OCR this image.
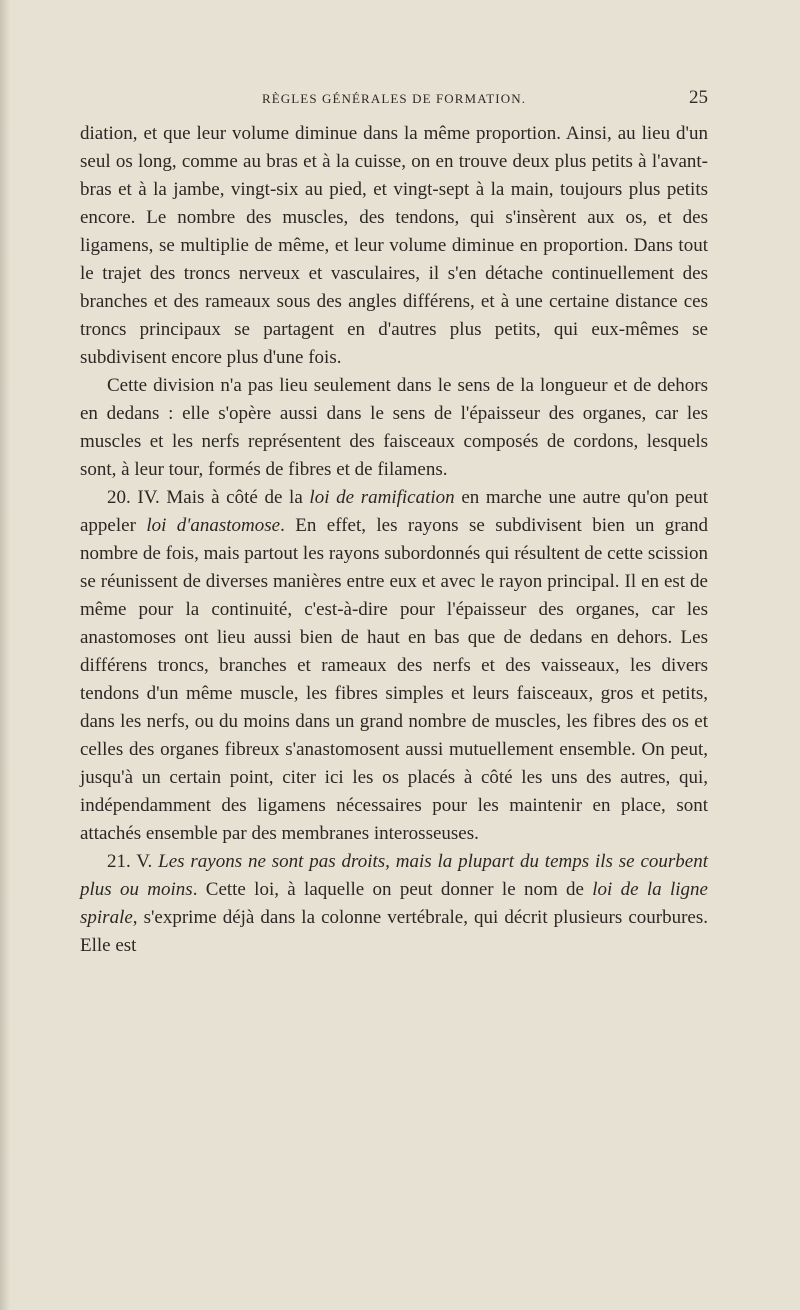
RÈGLES GÉNÉRALES DE FORMATION.	25

diation, et que leur volume diminue dans la même proportion. Ainsi, au lieu d'un seul os long, comme au bras et à la cuisse, on en trouve deux plus petits à l'avant-bras et à la jambe, vingt-six au pied, et vingt-sept à la main, toujours plus petits encore. Le nombre des muscles, des tendons, qui s'insèrent aux os, et des ligamens, se multiplie de même, et leur volume diminue en proportion. Dans tout le trajet des troncs nerveux et vasculaires, il s'en détache continuellement des branches et des rameaux sous des angles différens, et à une certaine distance ces troncs principaux se partagent en d'autres plus petits, qui eux-mêmes se subdivisent encore plus d'une fois.

Cette division n'a pas lieu seulement dans le sens de la longueur et de dehors en dedans : elle s'opère aussi dans le sens de l'épaisseur des organes, car les muscles et les nerfs représentent des faisceaux composés de cordons, lesquels sont, à leur tour, formés de fibres et de filamens.

20. IV. Mais à côté de la loi de ramification en marche une autre qu'on peut appeler loi d'anastomose. En effet, les rayons se subdivisent bien un grand nombre de fois, mais partout les rayons subordonnés qui résultent de cette scission se réunissent de diverses manières entre eux et avec le rayon principal. Il en est de même pour la continuité, c'est-à-dire pour l'épaisseur des organes, car les anastomoses ont lieu aussi bien de haut en bas que de dedans en dehors. Les différens troncs, branches et rameaux des nerfs et des vaisseaux, les divers tendons d'un même muscle, les fibres simples et leurs faisceaux, gros et petits, dans les nerfs, ou du moins dans un grand nombre de muscles, les fibres des os et celles des organes fibreux s'anastomosent aussi mutuellement ensemble. On peut, jusqu'à un certain point, citer ici les os placés à côté les uns des autres, qui, indépendamment des ligamens nécessaires pour les maintenir en place, sont attachés ensemble par des membranes interosseuses.

21. V. Les rayons ne sont pas droits, mais la plupart du temps ils se courbent plus ou moins. Cette loi, à laquelle on peut donner le nom de loi de la ligne spirale, s'exprime déjà dans la colonne vertébrale, qui décrit plusieurs courbures. Elle est
